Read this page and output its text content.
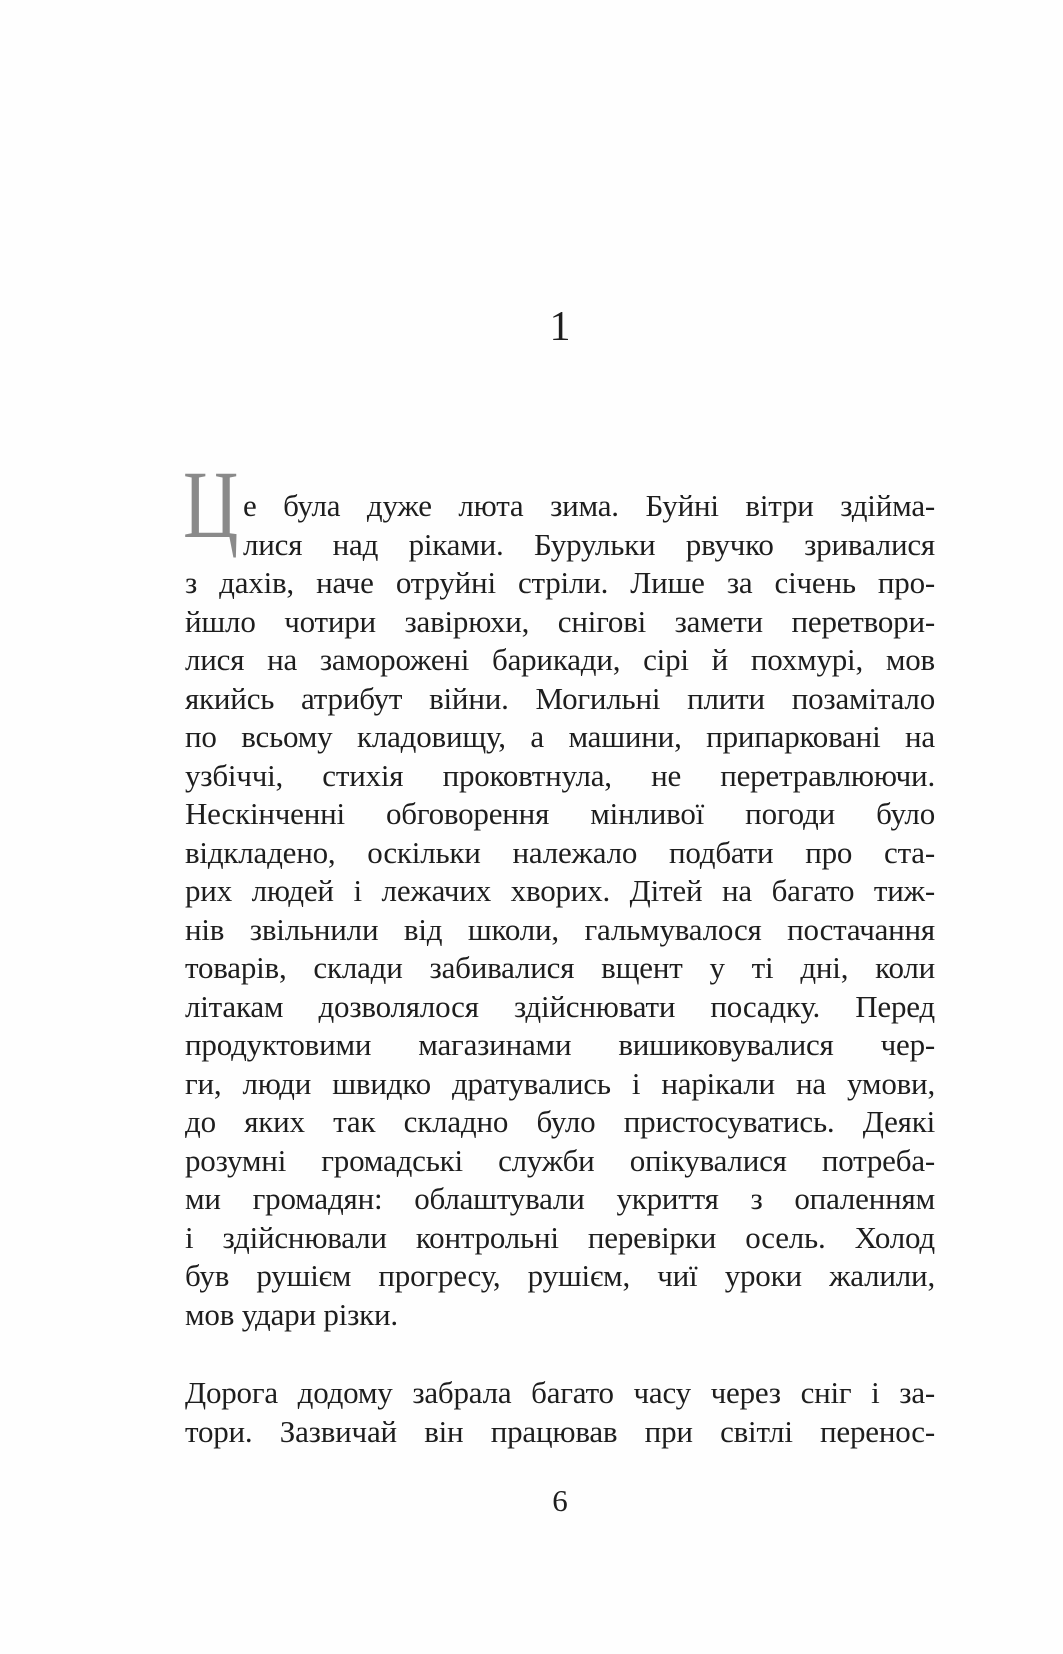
1
Ц е була дуже люта зима. Буйні вітри здійма-
лися над ріками. Бурульки рвучко зривалися
з дахів, наче отруйні стріли. Лише за січень про-
йшло чотири завірюхи, снігові замети перетвори-
лися на заморожені барикади, сірі й похмурі, мов
якийсь атрибут війни. Могильні плити позамітало
по всьому кладовищу, а машини, припарковані на
узбіччі, стихія проковтнула, не перетравлюючи.
Нескінченні обговорення мінливої погоди було
відкладено, оскільки належало подбати про ста-
рих людей і лежачих хворих. Дітей на багато тиж-
нів звільнили від школи, гальмувалося постачання
товарів, склади забивалися вщент у ті дні, коли
літакам дозволялося здійснювати посадку. Перед
продуктовими магазинами вишиковувалися чер-
ги, люди швидко дратувались і нарікали на умови,
до яких так складно було пристосуватись. Деякі
розумні громадські служби опікувалися потреба-
ми громадян: облаштували укриття з опаленням
і здійснювали контрольні перевірки осель. Холод
був рушієм прогресу, рушієм, чиї уроки жалили,
мов удари різки.
Дорога додому забрала багато часу через сніг і за-
тори. Зазвичай він працював при світлі перенос-
6
